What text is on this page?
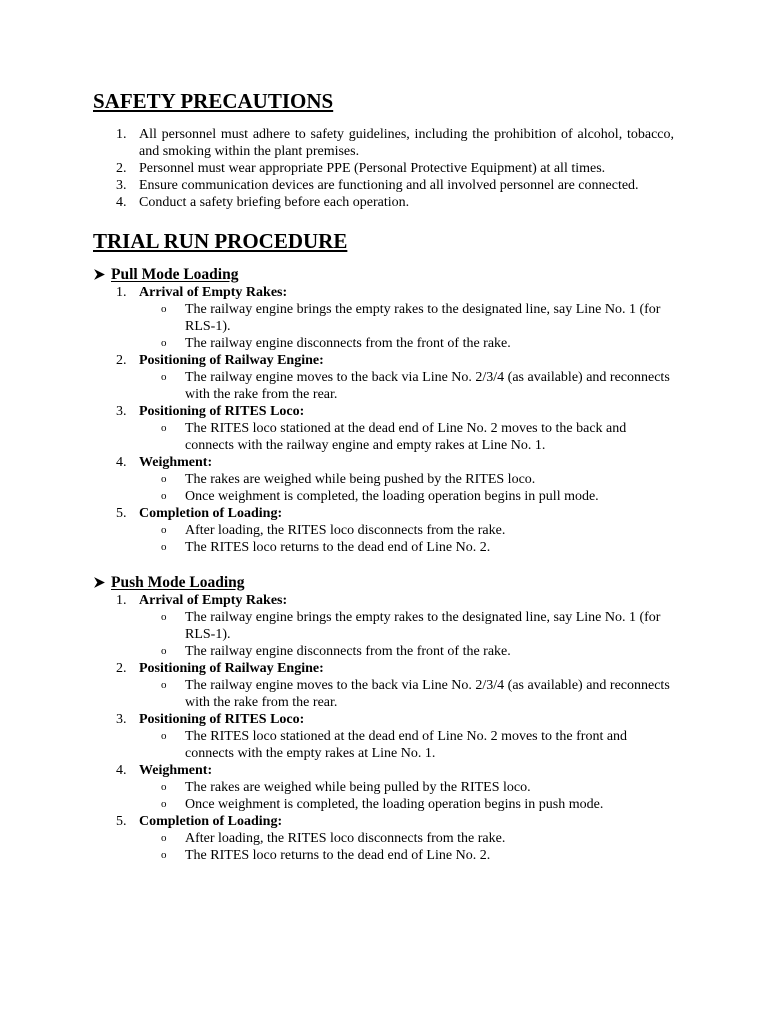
SAFETY PRECAUTIONS
1. All personnel must adhere to safety guidelines, including the prohibition of alcohol, tobacco, and smoking within the plant premises.
2. Personnel must wear appropriate PPE (Personal Protective Equipment) at all times.
3. Ensure communication devices are functioning and all involved personnel are connected.
4. Conduct a safety briefing before each operation.
TRIAL RUN PROCEDURE
Pull Mode Loading
1. Arrival of Empty Rakes:
o The railway engine brings the empty rakes to the designated line, say Line No. 1 (for RLS-1).
o The railway engine disconnects from the front of the rake.
2. Positioning of Railway Engine:
o The railway engine moves to the back via Line No. 2/3/4 (as available) and reconnects with the rake from the rear.
3. Positioning of RITES Loco:
o The RITES loco stationed at the dead end of Line No. 2 moves to the back and connects with the railway engine and empty rakes at Line No. 1.
4. Weighment:
o The rakes are weighed while being pushed by the RITES loco.
o Once weighment is completed, the loading operation begins in pull mode.
5. Completion of Loading:
o After loading, the RITES loco disconnects from the rake.
o The RITES loco returns to the dead end of Line No. 2.
Push Mode Loading
1. Arrival of Empty Rakes:
o The railway engine brings the empty rakes to the designated line, say Line No. 1 (for RLS-1).
o The railway engine disconnects from the front of the rake.
2. Positioning of Railway Engine:
o The railway engine moves to the back via Line No. 2/3/4 (as available) and reconnects with the rake from the rear.
3. Positioning of RITES Loco:
o The RITES loco stationed at the dead end of Line No. 2 moves to the front and connects with the empty rakes at Line No. 1.
4. Weighment:
o The rakes are weighed while being pulled by the RITES loco.
o Once weighment is completed, the loading operation begins in push mode.
5. Completion of Loading:
o After loading, the RITES loco disconnects from the rake.
o The RITES loco returns to the dead end of Line No. 2.
